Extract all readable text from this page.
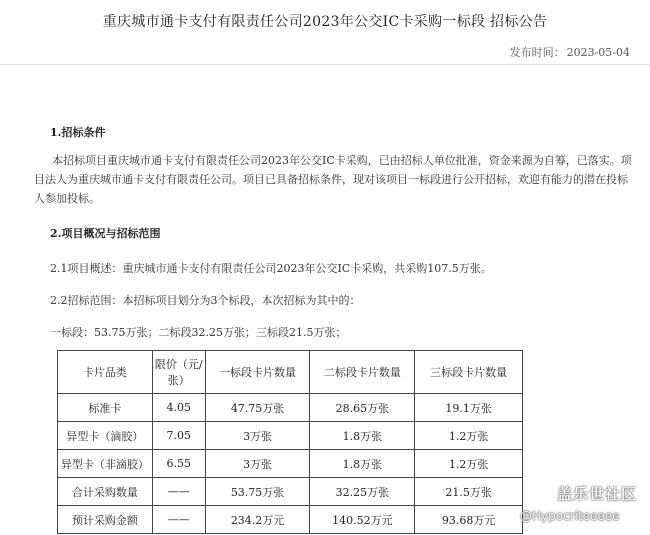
重庆城市通卡支付有限责任公司2023年公交IC卡采购一标段 招标公告
发布时间： 2023-05-04
1.招标条件
本招标项目重庆城市通卡支付有限责任公司2023年公交IC卡采购，已由招标人单位批准，资金来源为自筹，已落实。项目法人为重庆城市通卡支付有限责任公司。项目已具备招标条件，现对该项目一标段进行公开招标，欢迎有能力的潜在投标人参加投标。
2.项目概况与招标范围
2.1项目概述：重庆城市通卡支付有限责任公司2023年公交IC卡采购，共采购107.5万张。
2.2招标范围：本招标项目划分为3个标段，本次招标为其中的：
一标段：53.75万张；二标段32.25万张；三标段21.5万张；
卡片品类	限价（元/张）	一标段卡片数量	二标段卡片数量	三标段卡片数量
标准卡	4.05	47.75万张	28.65万张	19.1万张
异型卡（滴胶）	7.05	3万张	1.8万张	1.2万张
异型卡（非滴胶）	6.55	3万张	1.8万张	1.2万张
合计采购数量	——	53.75万张	32.25万张	21.5万张
预计采购金额	——	234.2万元	140.52万元	93.68万元
盖乐世社区
@Hypocriteeeee
